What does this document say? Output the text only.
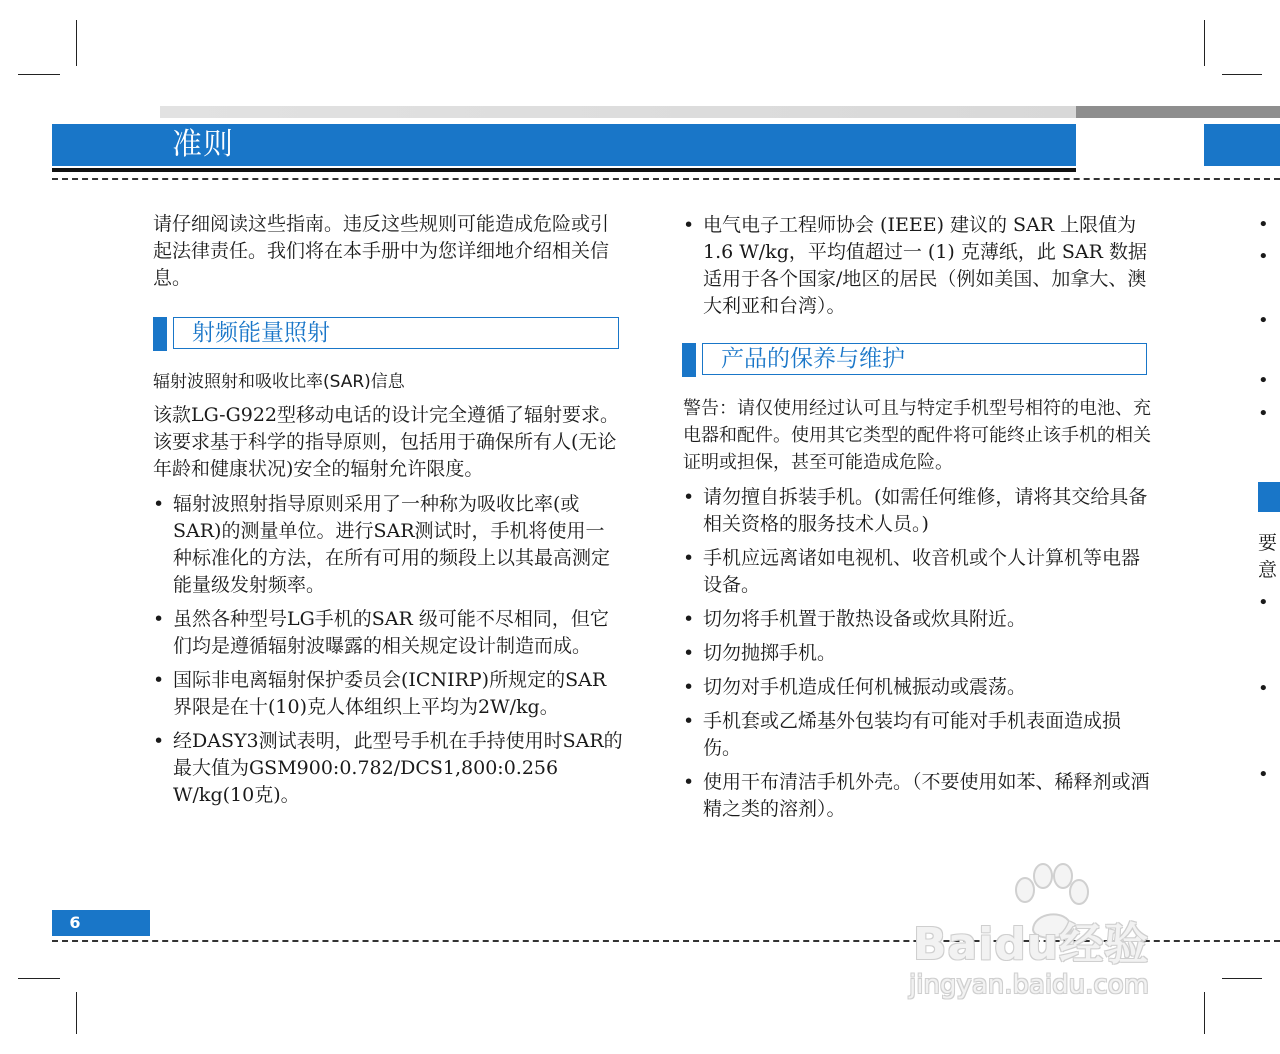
准则
请仔细阅读这些指南。违反这些规则可能造成危险或引起法律责任。我们将在本手册中为您详细地介绍相关信息。
射频能量照射
辐射波照射和吸收比率(SAR)信息
该款LG-G922型移动电话的设计完全遵循了辐射要求。该要求基于科学的指导原则，包括用于确保所有人(无论年龄和健康状况)安全的辐射允许限度。
• 辐射波照射指导原则采用了一种称为吸收比率(或SAR)的测量单位。进行SAR测试时，手机将使用一种标准化的方法，在所有可用的频段上以其最高测定能量级发射频率。
• 虽然各种型号LG手机的SAR 级可能不尽相同，但它们均是遵循辐射波曝露的相关规定设计制造而成。
• 国际非电离辐射保护委员会(ICNIRP)所规定的SAR界限是在十(10)克人体组织上平均为2W/kg。
• 经DASY3测试表明，此型号手机在手持使用时SAR的最大值为GSM900:0.782/DCS1,800:0.256 W/kg(10克)。
• 电气电子工程师协会 (IEEE) 建议的 SAR 上限值为 1.6 W/kg，平均值超过一 (1) 克薄纸，此 SAR 数据适用于各个国家/地区的居民（例如美国、加拿大、澳大利亚和台湾）。
产品的保养与维护
警告：请仅使用经过认可且与特定手机型号相符的电池、充电器和配件。使用其它类型的配件将可能终止该手机的相关证明或担保，甚至可能造成危险。
• 请勿擅自拆装手机。(如需任何维修，请将其交给具备相关资格的服务技术人员。)
• 手机应远离诸如电视机、收音机或个人计算机等电器设备。
• 切勿将手机置于散热设备或炊具附近。
• 切勿抛掷手机。
• 切勿对手机造成任何机械振动或震荡。
• 手机套或乙烯基外包装均有可能对手机表面造成损伤。
• 使用干布清洁手机外壳。（不要使用如苯、稀释剂或酒精之类的溶剂）。
•
•
•
•
•
要
意
•
•
•
6	Baidu经验
jingyan.baidu.com
